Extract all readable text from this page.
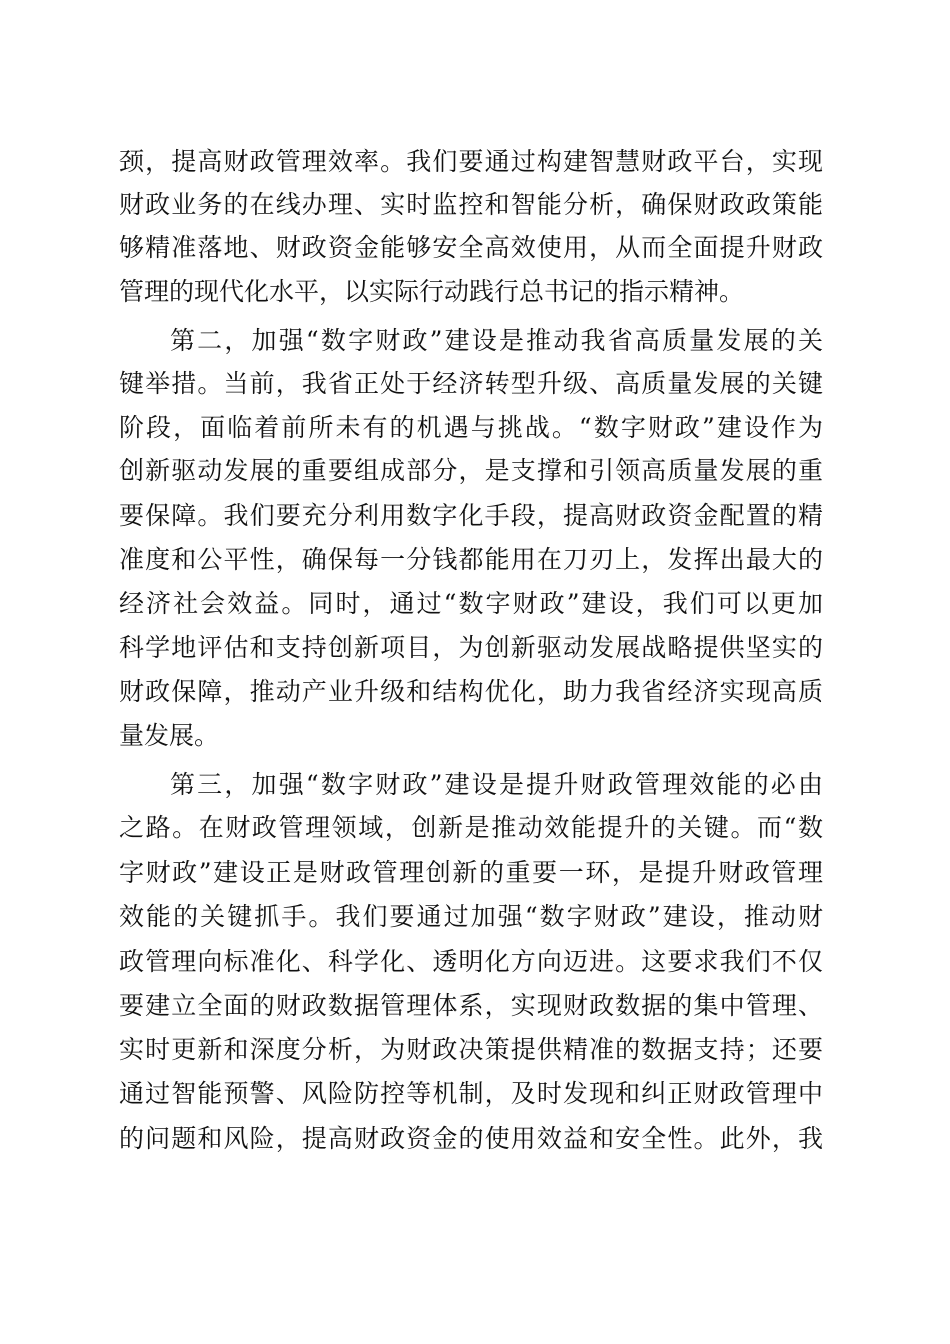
颈，提高财政管理效率。我们要通过构建智慧财政平台，实现
财政业务的在线办理、实时监控和智能分析，确保财政政策能
够精准落地、财政资金能够安全高效使用，从而全面提升财政
管理的现代化水平，以实际行动践行总书记的指示精神。
第二，加强“数字财政”建设是推动我省高质量发展的关
键举措。当前，我省正处于经济转型升级、高质量发展的关键
阶段，面临着前所未有的机遇与挑战。“数字财政”建设作为
创新驱动发展的重要组成部分，是支撑和引领高质量发展的重
要保障。我们要充分利用数字化手段，提高财政资金配置的精
准度和公平性，确保每一分钱都能用在刀刃上，发挥出最大的
经济社会效益。同时，通过“数字财政”建设，我们可以更加
科学地评估和支持创新项目，为创新驱动发展战略提供坚实的
财政保障，推动产业升级和结构优化，助力我省经济实现高质
量发展。
第三，加强“数字财政”建设是提升财政管理效能的必由
之路。在财政管理领域，创新是推动效能提升的关键。而“数
字财政”建设正是财政管理创新的重要一环，是提升财政管理
效能的关键抓手。我们要通过加强“数字财政”建设，推动财
政管理向标准化、科学化、透明化方向迈进。这要求我们不仅
要建立全面的财政数据管理体系，实现财政数据的集中管理、
实时更新和深度分析，为财政决策提供精准的数据支持；还要
通过智能预警、风险防控等机制，及时发现和纠正财政管理中
的问题和风险，提高财政资金的使用效益和安全性。此外，我
